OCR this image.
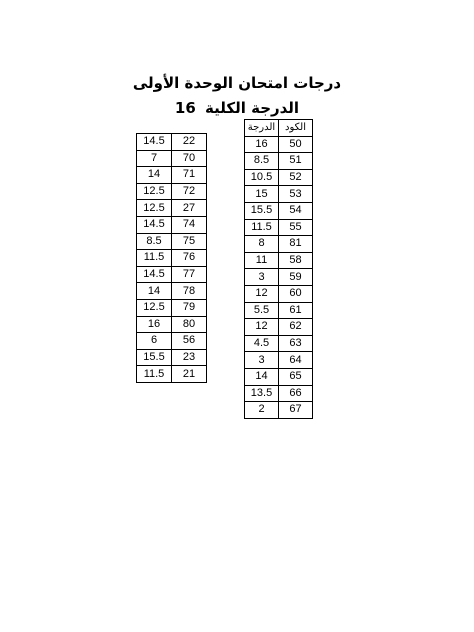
درجات امتحان الوحدة الأولى
16 الدرجة الكلية
14.5	22
7	70
14	71
12.5	72
12.5	27
14.5	74
8.5	75
11.5	76
14.5	77
14	78
12.5	79
16	80
6	56
15.5	23
11.5	21
الدرجة	الكود
16	50
8.5	51
10.5	52
15	53
15.5	54
11.5	55
8	81
11	58
3	59
12	60
5.5	61
12	62
4.5	63
3	64
14	65
13.5	66
2	67
